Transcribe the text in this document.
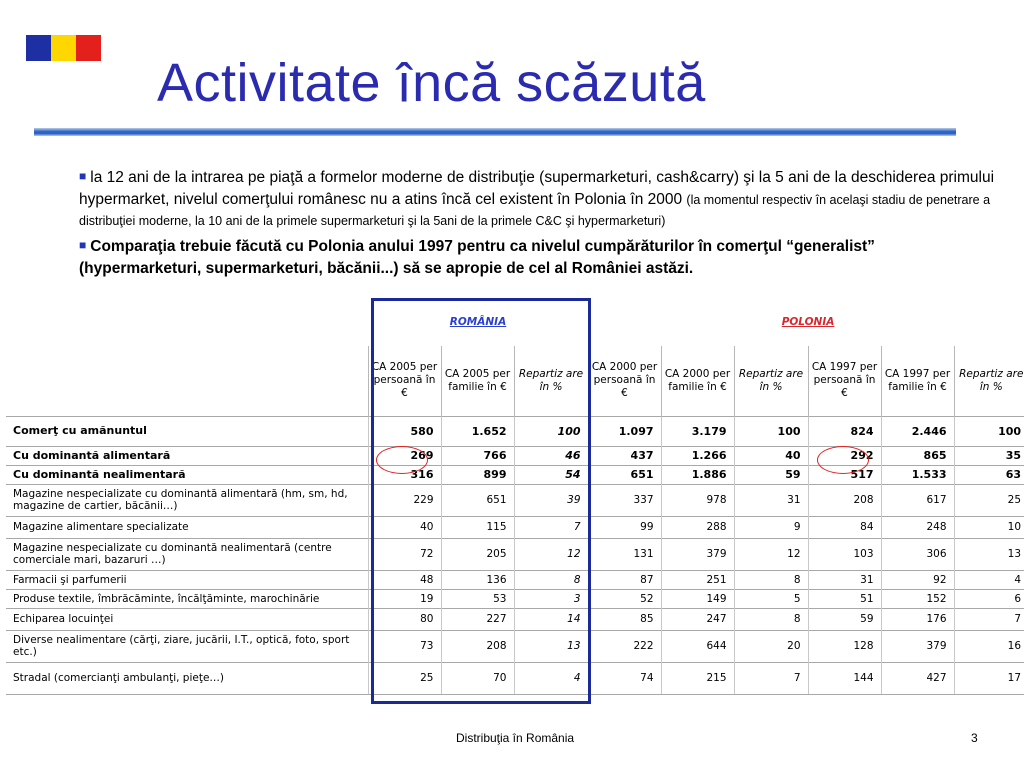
Activitate încă scăzută

■ la 12 ani de la intrarea pe piaţă a formelor moderne de distribuţie (supermarketuri, cash&carry) şi la 5 ani de la deschiderea primului hypermarket, nivelul comerţului românesc nu a atins încă cel existent în Polonia în 2000 (la momentul respectiv în acelaşi stadiu de penetrare a distribuţiei moderne, la 10 ani de la primele supermarketuri şi la 5ani de la primele C&C şi hypermarketuri)

■ Comparaţia trebuie făcută cu Polonia anului 1997 pentru ca nivelul cumpărăturilor în comerţul “generalist” (hypermarketuri, supermarketuri, băcănii...) să se apropie de cel al României astăzi.

	ROMÂNIA			POLONIA					
	CA 2005 per persoană în €	CA 2005 per familie în €	Repartiz are în %	CA 2000 per persoană în €	CA 2000 per familie în €	Repartiz are în %	CA 1997 per persoană în €	CA 1997 per familie în €	Repartiz are în %
Comerţ cu amănuntul	580	1.652	100	1.097	3.179	100	824	2.446	100
Cu dominantă alimentară	269	766	46	437	1.266	40	292	865	35
Cu dominantă nealimentară	316	899	54	651	1.886	59	517	1.533	63
Magazine nespecializate cu dominantă alimentară (hm, sm, hd, magazine de cartier, băcănii…)	229	651	39	337	978	31	208	617	25
Magazine alimentare specializate	40	115	7	99	288	9	84	248	10
Magazine nespecializate cu dominantă nealimentară (centre comerciale mari, bazaruri …)	72	205	12	131	379	12	103	306	13
Farmacii şi parfumerii	48	136	8	87	251	8	31	92	4
Produse textile, îmbrăcăminte, încălţăminte, marochinărie	19	53	3	52	149	5	51	152	6
Echiparea locuinţei	80	227	14	85	247	8	59	176	7
Diverse nealimentare (cărţi, ziare, jucării, I.T., optică, foto, sport etc.)	73	208	13	222	644	20	128	379	16
Stradal (comercianţi ambulanţi, pieţe…)	25	70	4	74	215	7	144	427	17
Distribuţia în România	3
